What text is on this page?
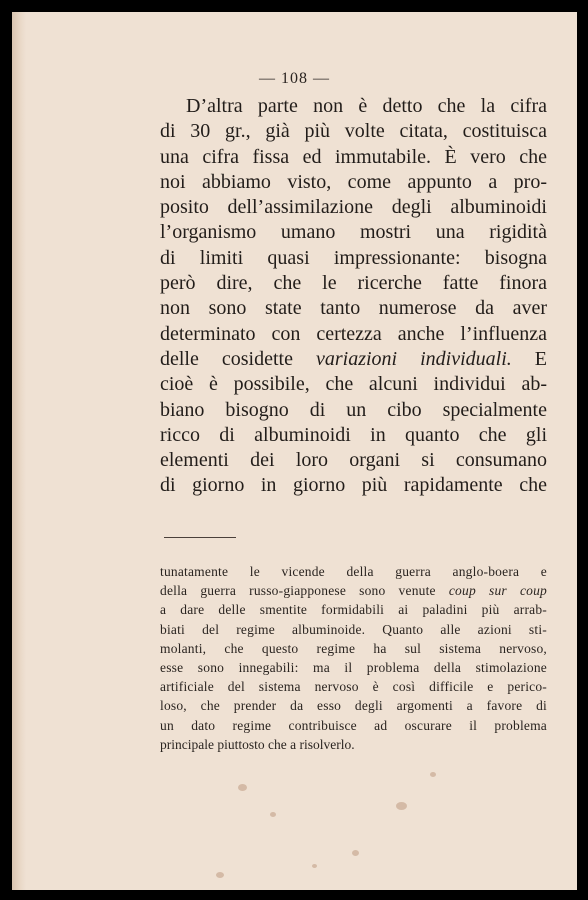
— 108 —

D’altra parte non è detto che la cifra
di 30 gr., già più volte citata, costituisca
una cifra fissa ed immutabile. È vero che
noi abbiamo visto, come appunto a pro-
posito dell’assimilazione degli albuminoidi
l’organismo umano mostri una rigidità
di limiti quasi impressionante: bisogna
però dire, che le ricerche fatte finora
non sono state tanto numerose da aver
determinato con certezza anche l’influenza
delle cosidette variazioni individuali. E
cioè è possibile, che alcuni individui ab-
biano bisogno di un cibo specialmente
ricco di albuminoidi in quanto che gli
elementi dei loro organi si consumano
di giorno in giorno più rapidamente che
tunatamente le vicende della guerra anglo-boera e
della guerra russo-giapponese sono venute coup sur coup
a dare delle smentite formidabili ai paladini più arrab-
biati del regime albuminoide. Quanto alle azioni sti-
molanti, che questo regime ha sul sistema nervoso,
esse sono innegabili: ma il problema della stimolazione
artificiale del sistema nervoso è così difficile e perico-
loso, che prender da esso degli argomenti a favore di
un dato regime contribuisce ad oscurare il problema
principale piuttosto che a risolverlo.
